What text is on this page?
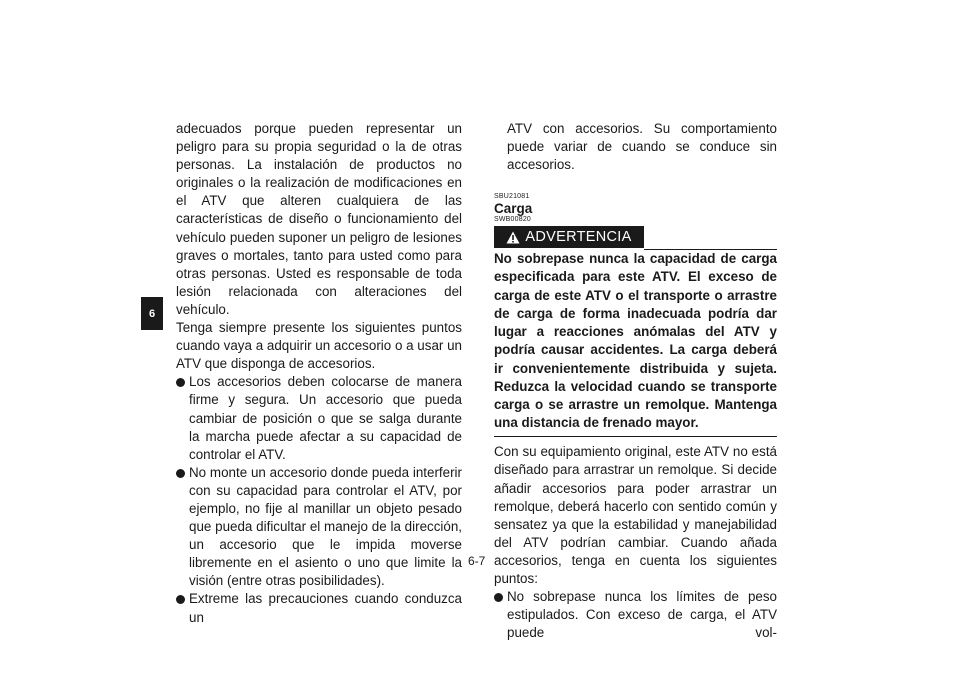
6

adecuados porque pueden representar un peligro para su propia seguridad o la de otras personas. La instalación de productos no originales o la realización de modificaciones en el ATV que alteren cualquiera de las características de diseño o funcionamiento del vehículo pueden suponer un peligro de lesiones graves o mortales, tanto para usted como para otras personas. Usted es responsable de toda lesión relacionada con alteraciones del vehículo.

Tenga siempre presente los siguientes puntos cuando vaya a adquirir un accesorio o a usar un ATV que disponga de accesorios.

Los accesorios deben colocarse de manera firme y segura. Un accesorio que pueda cambiar de posición o que se salga durante la marcha puede afectar a su capacidad de controlar el ATV.
No monte un accesorio donde pueda interferir con su capacidad para controlar el ATV, por ejemplo, no fije al manillar un objeto pesado que pueda dificultar el manejo de la dirección, un accesorio que le impida moverse libremente en el asiento o uno que limite la visión (entre otras posibilidades).
Extreme las precauciones cuando conduzca un

ATV con accesorios. Su comportamiento puede variar de cuando se conduce sin accesorios.

SBU21081
Carga
SWB00820
ADVERTENCIA

No sobrepase nunca la capacidad de carga especificada para este ATV. El exceso de carga de este ATV o el transporte o arrastre de carga de forma inadecuada podría dar lugar a reacciones anómalas del ATV y podría causar accidentes. La carga deberá ir convenientemente distribuida y sujeta. Reduzca la velocidad cuando se transporte carga o se arrastre un remolque. Mantenga una distancia de frenado mayor.

Con su equipamiento original, este ATV no está diseñado para arrastrar un remolque. Si decide añadir accesorios para poder arrastrar un remolque, deberá hacerlo con sentido común y sensatez ya que la estabilidad y manejabilidad del ATV podrían cambiar. Cuando añada accesorios, tenga en cuenta los siguientes puntos:

No sobrepase nunca los límites de peso estipulados. Con exceso de carga, el ATV puede vol-
6-7
